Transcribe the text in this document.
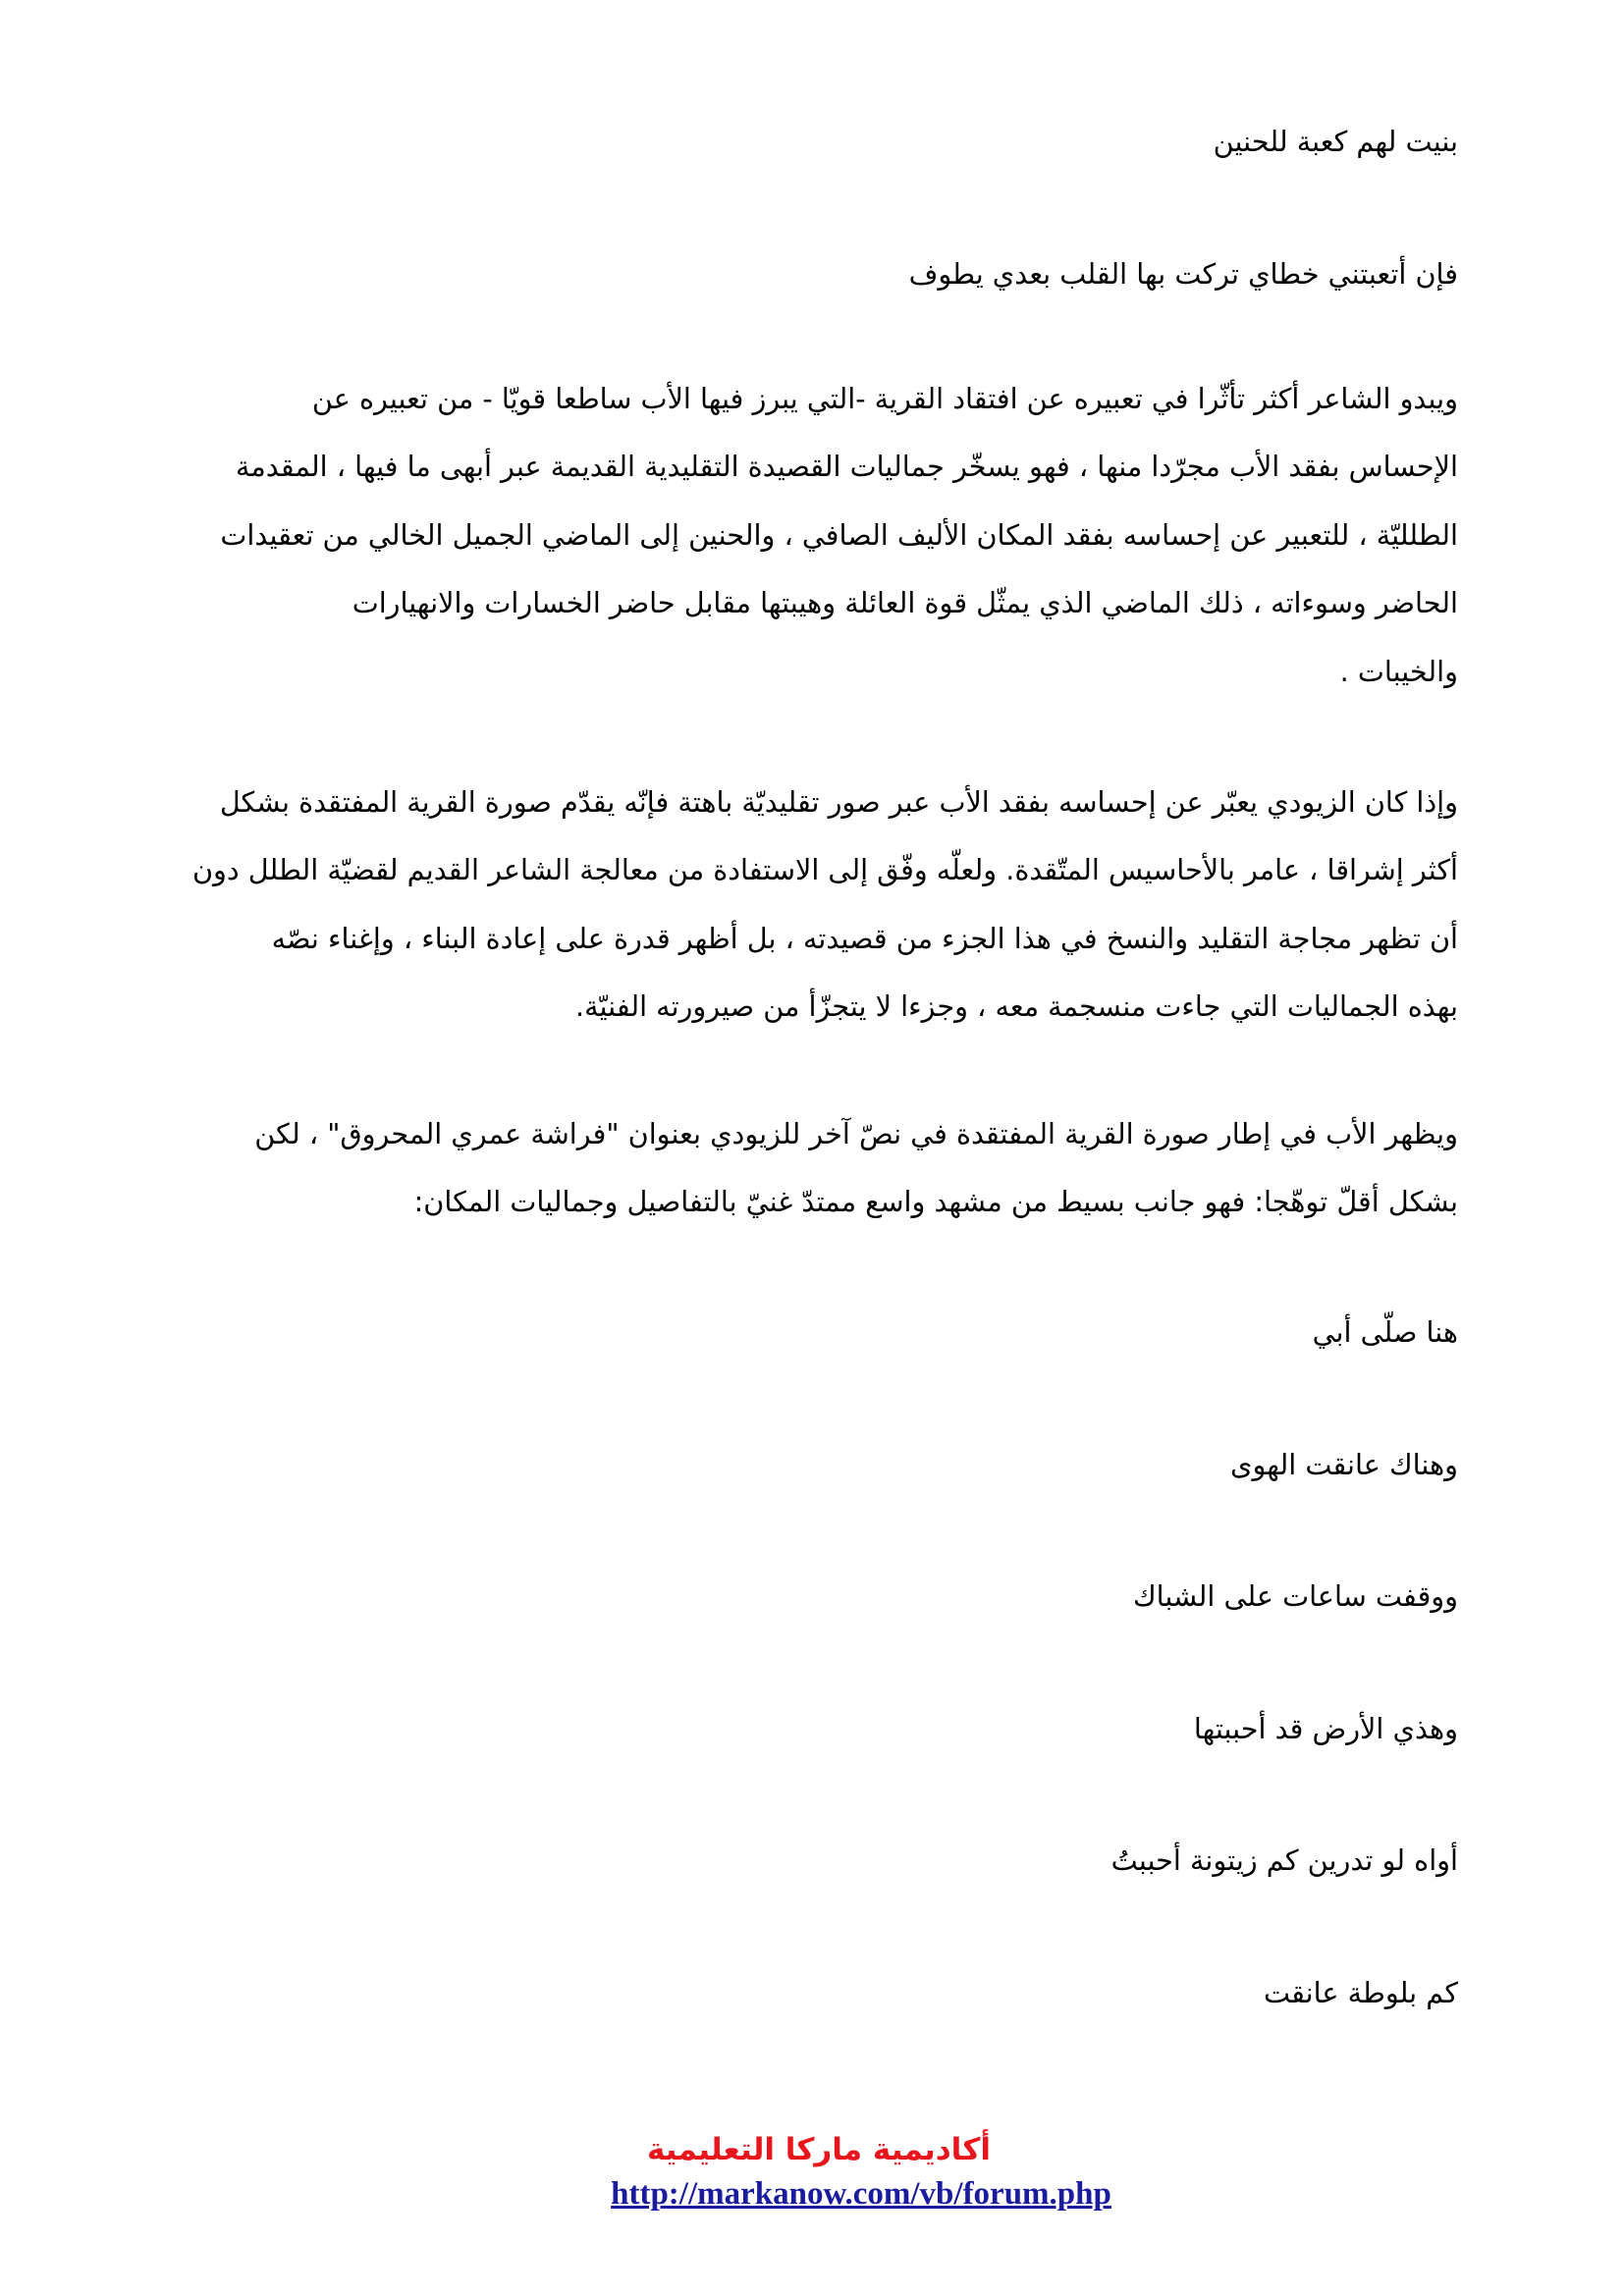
بنيت لهم كعبة للحنين
فإن أتعبتني خطاي تركت بها القلب بعدي يطوف
ويبدو الشاعر أكثر تأثّرا في تعبيره عن افتقاد القرية -التي يبرز فيها الأب ساطعا قويّا - من تعبيره عن
الإحساس بفقد الأب مجرّدا منها ، فهو يسخّر جماليات القصيدة التقليدية القديمة عبر أبهى ما فيها ، المقدمة
الطلليّة ، للتعبير عن إحساسه بفقد المكان الأليف الصافي ، والحنين إلى الماضي الجميل الخالي من تعقيدات
الحاضر وسوءاته ، ذلك الماضي الذي يمثّل قوة العائلة وهيبتها مقابل حاضر الخسارات والانهيارات
والخيبات .
وإذا كان الزيودي يعبّر عن إحساسه بفقد الأب عبر صور تقليديّة باهتة فإنّه يقدّم صورة القرية المفتقدة بشكل
أكثر إشراقا ، عامر بالأحاسيس المتّقدة. ولعلّه وفّق إلى الاستفادة من معالجة الشاعر القديم لقضيّة الطلل دون
أن تظهر مجاجة التقليد والنسخ في هذا الجزء من قصيدته ، بل أظهر قدرة على إعادة البناء ، وإغناء نصّه
بهذه الجماليات التي جاءت منسجمة معه ، وجزءا لا يتجزّأ من صيرورته الفنيّة.
ويظهر الأب في إطار صورة القرية المفتقدة في نصّ آخر للزيودي بعنوان "فراشة عمري المحروق" ، لكن
بشكل أقلّ توهّجا: فهو جانب بسيط من مشهد واسع ممتدّ غنيّ بالتفاصيل وجماليات المكان:
هنا صلّى أبي
وهناك عانقت الهوى
ووقفت ساعات على الشباك
وهذي الأرض قد أحببتها
أواه لو تدرين كم زيتونة أحببتُ
كم بلوطة عانقت
أكاديمية ماركا التعليمية
http://markanow.com/vb/forum.php
